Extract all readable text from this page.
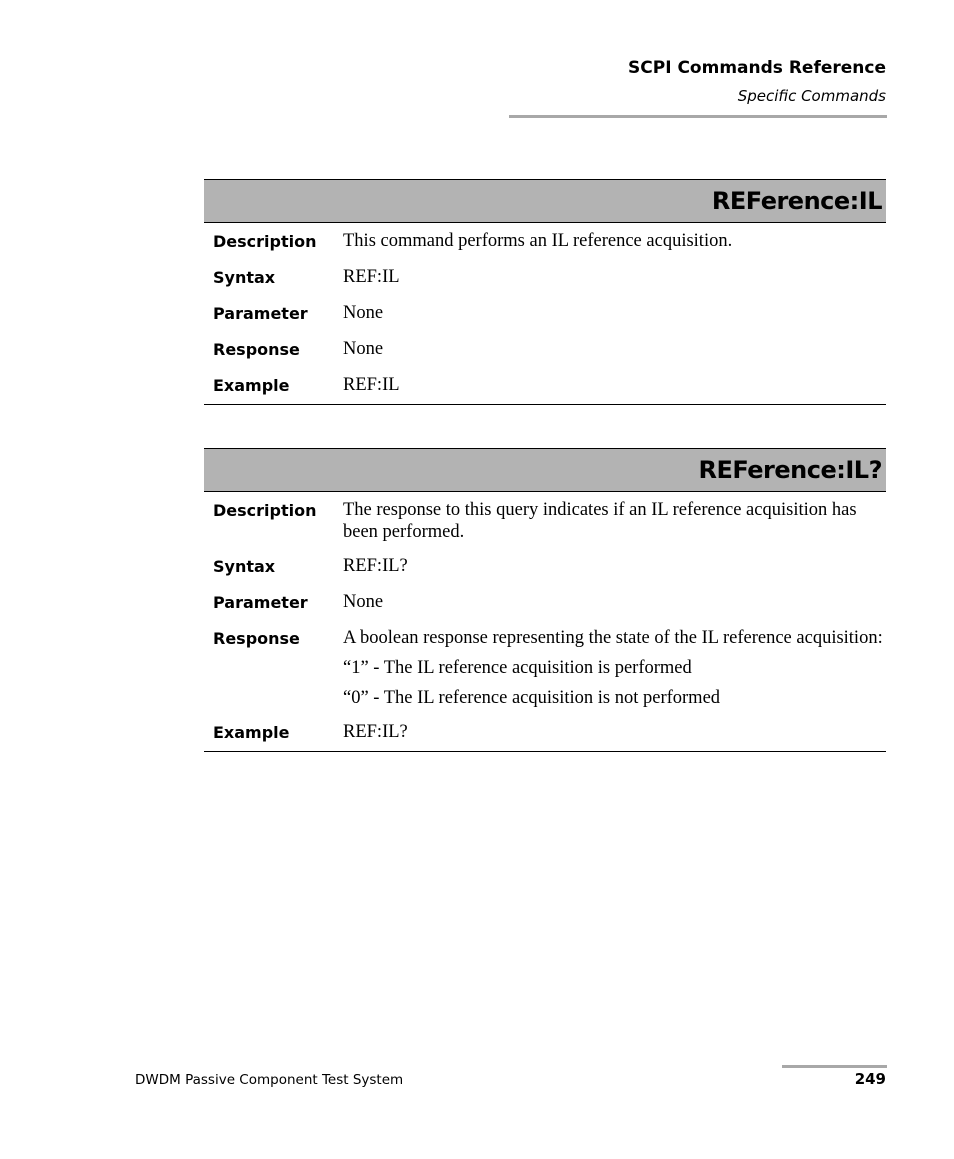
SCPI Commands Reference
Specific Commands
REFerence:IL
Description	This command performs an IL reference acquisition.

Syntax	REF:IL

Parameter	None

Response	None

Example	REF:IL

REFerence:IL?
Description	The response to this query indicates if an IL reference acquisition has been performed.

Syntax	REF:IL?

Parameter	None

Response	A boolean response representing the state of the IL reference acquisition:

“1” - The IL reference acquisition is performed

“0” - The IL reference acquisition is not performed

Example	REF:IL?

DWDM Passive Component Test System	249
